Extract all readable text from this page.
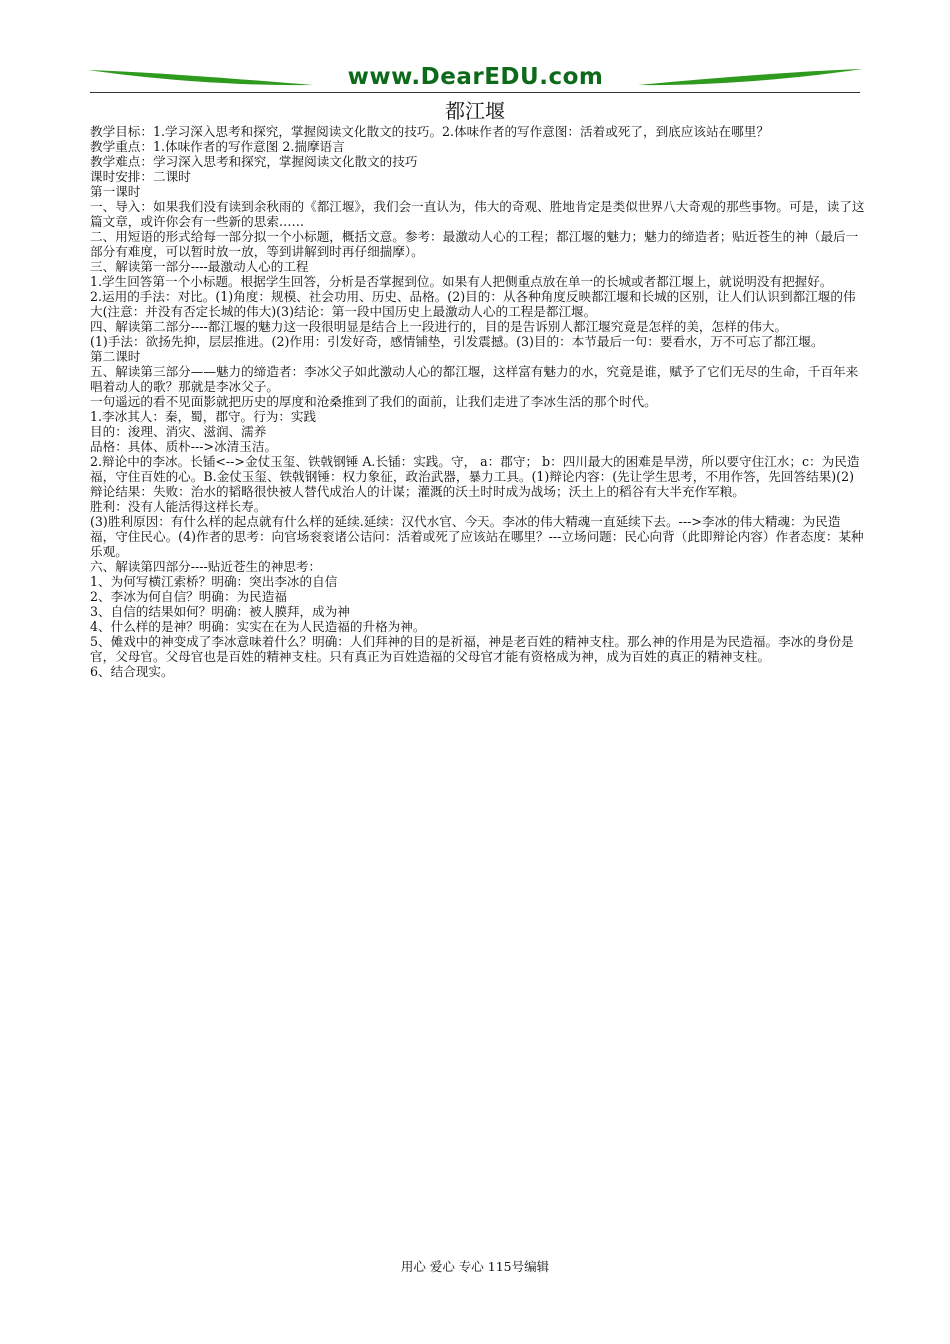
www.DearEDU.com
都江堰

教学目标：1.学习深入思考和探究，掌握阅读文化散文的技巧。2.体味作者的写作意图：活着或死了，到底应该站在哪里？

教学重点：1.体味作者的写作意图 2.揣摩语言

教学难点：学习深入思考和探究，掌握阅读文化散文的技巧

课时安排：二课时

第一课时

一、导入：如果我们没有读到余秋雨的《都江堰》，我们会一直认为，伟大的奇观、胜地肯定是类似世界八大奇观的那些事物。可是，读了这篇文章，或许你会有一些新的思索……

二、用短语的形式给每一部分拟一个小标题，概括文意。参考：最激动人心的工程；都江堰的魅力；魅力的缔造者；贴近苍生的神（最后一部分有难度，可以暂时放一放，等到讲解到时再仔细揣摩）。

三、解读第一部分----最激动人心的工程

1.学生回答第一个小标题。根据学生回答，分析是否掌握到位。如果有人把侧重点放在单一的长城或者都江堰上，就说明没有把握好。

2.运用的手法：对比。(1)角度：规模、社会功用、历史、品格。(2)目的：从各种角度反映都江堰和长城的区别，让人们认识到都江堰的伟大(注意：并没有否定长城的伟大)(3)结论：第一段中国历史上最激动人心的工程是都江堰。

四、解读第二部分----都江堰的魅力这一段很明显是结合上一段进行的，目的是告诉别人都江堰究竟是怎样的美，怎样的伟大。

(1)手法：欲扬先抑，层层推进。(2)作用：引发好奇，感情铺垫，引发震撼。(3)目的：本节最后一句：要看水，万不可忘了都江堰。

第二课时

五、解读第三部分——魅力的缔造者：李冰父子如此激动人心的都江堰，这样富有魅力的水，究竟是谁，赋予了它们无尽的生命，千百年来唱着动人的歌？那就是李冰父子。

一句遥远的看不见面影就把历史的厚度和沧桑推到了我们的面前，让我们走进了李冰生活的那个时代。

1.李冰其人：秦，蜀，郡守。行为：实践

目的：浚理、消灾、滋润、濡养

品格：具体、质朴--->冰清玉洁。

2.辩论中的李冰。长锸<-->金仗玉玺、铁戟钢锤 A.长锸：实践。守， a：郡守； b：四川最大的困难是旱涝，所以要守住江水；c：为民造福，守住百姓的心。B.金仗玉玺、铁戟钢锤：权力象征，政治武器，暴力工具。(1)辩论内容：(先让学生思考，不用作答，先回答结果)(2)辩论结果：失败：治水的韬略很快被人替代成治人的计谋；灌溉的沃土时时成为战场；沃土上的稻谷有大半充作军粮。

胜利：没有人能活得这样长寿。

(3)胜利原因：有什么样的起点就有什么样的延续.延续：汉代水官、今天。李冰的伟大精魂一直延续下去。--->李冰的伟大精魂：为民造福，守住民心。(4)作者的思考：向官场衮衮诸公诘问：活着或死了应该站在哪里？---立场问题：民心向背（此即辩论内容）作者态度：某种乐观。

六、解读第四部分----贴近苍生的神思考：

1、为何写横江索桥？明确：突出李冰的自信

2、李冰为何自信？明确：为民造福

3、自信的结果如何？明确：被人膜拜，成为神

4、什么样的是神？明确：实实在在为人民造福的升格为神。

5、傩戏中的神变成了李冰意味着什么？明确：人们拜神的目的是祈福，神是老百姓的精神支柱。那么神的作用是为民造福。李冰的身份是官，父母官。父母官也是百姓的精神支柱。只有真正为百姓造福的父母官才能有资格成为神，成为百姓的真正的精神支柱。

6、结合现实。

用心 爱心 专心 115号编辑
